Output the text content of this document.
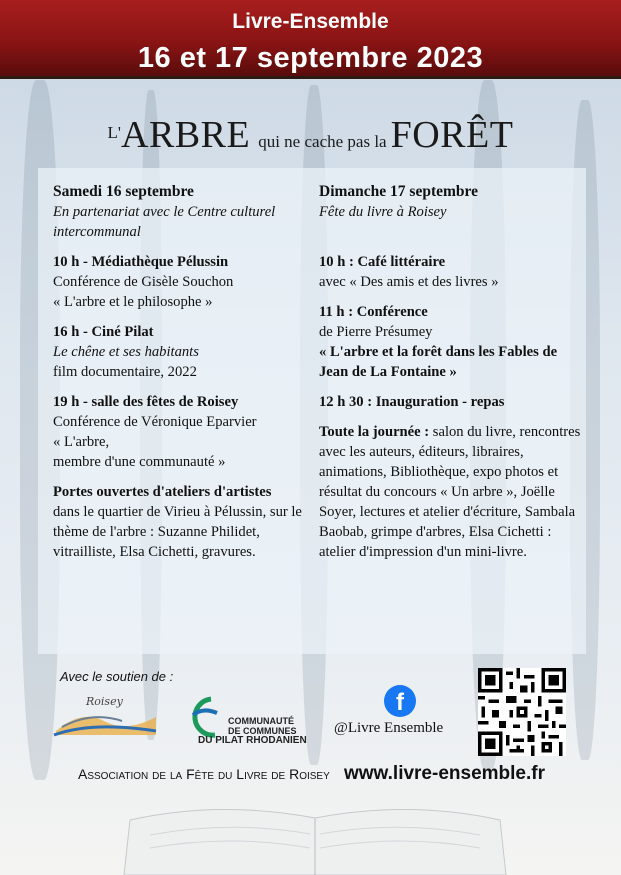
Livre-Ensemble
16 et 17 septembre 2023
L'ARBRE qui ne cache pas la FORÊT
Samedi 16 septembre
En partenariat avec le Centre culturel intercommunal
10 h - Médiathèque Pélussin
Conférence de Gisèle Souchon
« L'arbre et le philosophe »
16 h - Ciné Pilat
Le chêne et ses habitants
film documentaire, 2022
19 h - salle des fêtes de Roisey
Conférence de Véronique Eparvier
« L'arbre,
membre d'une communauté »
Portes ouvertes d'ateliers d'artistes
dans le quartier de Virieu à Pélussin, sur le thème de l'arbre : Suzanne Philidet, vitrailliste, Elsa Cichetti, gravures.
Dimanche 17 septembre
Fête du livre à Roisey
10 h : Café littéraire
avec « Des amis et des livres »
11 h : Conférence
de Pierre Présumey
« L'arbre et la forêt dans les Fables de Jean de La Fontaine »
12 h 30 : Inauguration - repas
Toute la journée : salon du livre, rencontres avec les auteurs, éditeurs, libraires, animations, Bibliothèque, expo photos et résultat du concours « Un arbre », Joëlle Soyer, lectures et atelier d'écriture, Sambala Baobab, grimpe d'arbres, Elsa Cichetti : atelier d'impression d'un mini-livre.
Avec le soutien de :
Roisey
COMMUNAUTÉ
DE COMMUNES
DU PILAT RHODANIEN
f
@Livre Ensemble
Association de la Fête du Livre de Roisey www.livre-ensemble.fr
